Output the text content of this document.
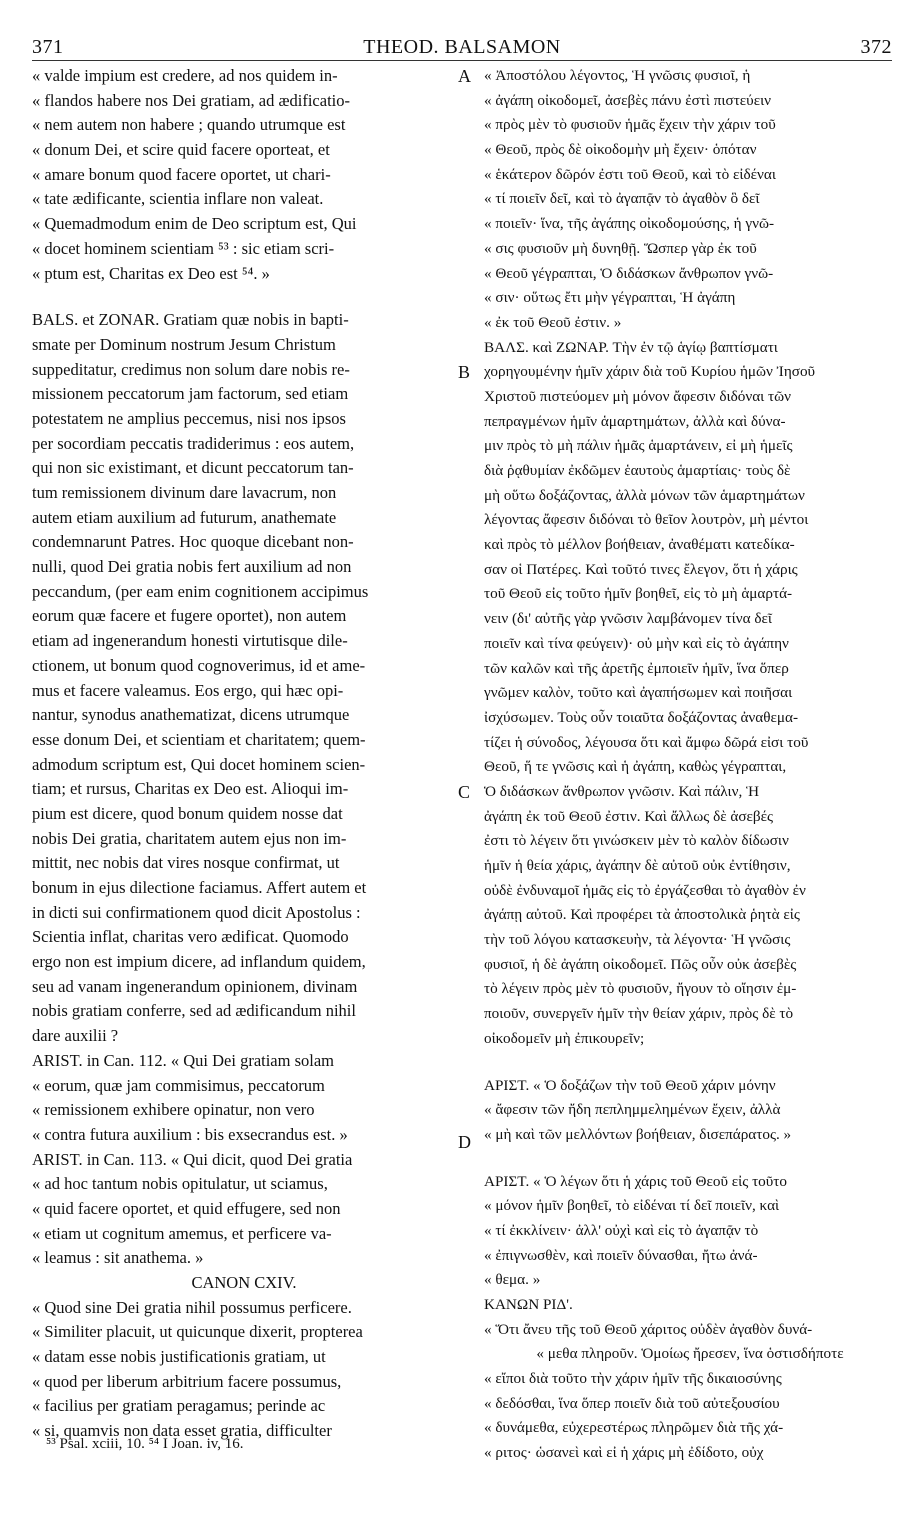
371	THEOD. BALSAMON	372
« valde impium est credere, ad nos quidem in-
« flandos habere nos Dei gratiam, ad ædificatio-
« nem autem non habere ; quando utrumque est
« donum Dei, et scire quid facere oporteat, et
« amare bonum quod facere oportet, ut chari-
« tate ædificante, scientia inflare non valeat.
« Quemadmodum enim de Deo scriptum est, Qui
« docet hominem scientiam ⁵³ : sic etiam scri-
« ptum est, Charitas ex Deo est ⁵⁴. »
BALS. et ZONAR. Gratiam quæ nobis in bapti-
smate per Dominum nostrum Jesum Christum
suppeditatur, credimus non solum dare nobis re-
missionem peccatorum jam factorum, sed etiam
potestatem ne amplius peccemus, nisi nos ipsos
per socordiam peccatis tradiderimus : eos autem,
qui non sic existimant, et dicunt peccatorum tan-
tum remissionem divinum dare lavacrum, non
autem etiam auxilium ad futurum, anathemate
condemnarunt Patres. Hoc quoque dicebant non-
nulli, quod Dei gratia nobis fert auxilium ad non
peccandum, (per eam enim cognitionem accipimus
eorum quæ facere et fugere oportet), non autem
etiam ad ingenerandum honesti virtutisque dile-
ctionem, ut bonum quod cognoverimus, id et ame-
mus et facere valeamus. Eos ergo, qui hæc opi-
nantur, synodus anathematizat, dicens utrumque
esse donum Dei, et scientiam et charitatem; quem-
admodum scriptum est, Qui docet hominem scien-
tiam; et rursus, Charitas ex Deo est. Alioqui im-
pium est dicere, quod bonum quidem nosse dat
nobis Dei gratia, charitatem autem ejus non im-
mittit, nec nobis dat vires nosque confirmat, ut
bonum in ejus dilectione faciamus. Affert autem et
in dicti sui confirmationem quod dicit Apostolus :
Scientia inflat, charitas vero ædificat. Quomodo
ergo non est impium dicere, ad inflandum quidem,
seu ad vanam ingenerandum opinionem, divinam
nobis gratiam conferre, sed ad ædificandum nihil
dare auxilii ?
ARIST. in Can. 112. « Qui Dei gratiam solam
« eorum, quæ jam commisimus, peccatorum
« remissionem exhibere opinatur, non vero
« contra futura auxilium : bis exsecrandus est. »
ARIST. in Can. 113. « Qui dicit, quod Dei gratia
« ad hoc tantum nobis opitulatur, ut sciamus,
« quid facere oportet, et quid effugere, sed non
« etiam ut cognitum amemus, et perficere va-
« leamus : sit anathema. »
CANON CXIV.
« Quod sine Dei gratia nihil possumus perficere.
« Similiter placuit, ut quicunque dixerit, propterea
« datam esse nobis justificationis gratiam, ut
« quod per liberum arbitrium facere possumus,
« facilius per gratiam peragamus; perinde ac
« si, quamvis non data esset gratia, difficulter
« Ἀποστόλου λέγοντος, Ἡ γνῶσις φυσιοῖ, ἡ
« ἀγάπη οἰκοδομεῖ, ἀσεβὲς πάνυ ἐστὶ πιστεύειν
« πρὸς μὲν τὸ φυσιοῦν ἡμᾶς ἔχειν τὴν χάριν τοῦ
« Θεοῦ, πρὸς δὲ οἰκοδομὴν μὴ ἔχειν· ὁπόταν
« ἑκάτερον δῶρόν ἐστι τοῦ Θεοῦ, καὶ τὸ εἰδέναι
« τί ποιεῖν δεῖ, καὶ τὸ ἀγαπᾷν τὸ ἀγαθὸν ὃ δεῖ
« ποιεῖν· ἵνα, τῆς ἀγάπης οἰκοδομούσης, ἡ γνῶ-
« σις φυσιοῦν μὴ δυνηθῇ. Ὥσπερ γὰρ ἐκ τοῦ
« Θεοῦ γέγραπται, Ὁ διδάσκων ἄνθρωπον γνῶ-
« σιν· οὕτως ἔτι μὴν γέγραπται, Ἡ ἀγάπη
« ἐκ τοῦ Θεοῦ ἐστιν. »
ΒΑΛΣ. καὶ ΖΩΝΑΡ. Τὴν ἐν τῷ ἁγίῳ βαπτίσματι
χορηγουμένην ἡμῖν χάριν διὰ τοῦ Κυρίου ἡμῶν Ἰησοῦ
Χριστοῦ πιστεύομεν μὴ μόνον ἄφεσιν διδόναι τῶν
πεπραγμένων ἡμῖν ἁμαρτημάτων, ἀλλὰ καὶ δύνα-
μιν πρὸς τὸ μὴ πάλιν ἡμᾶς ἁμαρτάνειν, εἰ μὴ ἡμεῖς
διὰ ῥᾳθυμίαν ἐκδῶμεν ἑαυτοὺς ἁμαρτίαις· τοὺς δὲ
μὴ οὕτω δοξάζοντας, ἀλλὰ μόνων τῶν ἁμαρτημάτων
λέγοντας ἄφεσιν διδόναι τὸ θεῖον λουτρὸν, μὴ μέντοι
καὶ πρὸς τὸ μέλλον βοήθειαν, ἀναθέματι κατεδίκα-
σαν οἱ Πατέρες. Καὶ τοῦτό τινες ἔλεγον, ὅτι ἡ χάρις
τοῦ Θεοῦ εἰς τοῦτο ἡμῖν βοηθεῖ, εἰς τὸ μὴ ἁμαρτά-
νειν (δι' αὐτῆς γὰρ γνῶσιν λαμβάνομεν τίνα δεῖ
ποιεῖν καὶ τίνα φεύγειν)· οὐ μὴν καὶ εἰς τὸ ἀγάπην
τῶν καλῶν καὶ τῆς ἀρετῆς ἐμποιεῖν ἡμῖν, ἵνα ὅπερ
γνῶμεν καλὸν, τοῦτο καὶ ἀγαπήσωμεν καὶ ποιῆσαι
ἰσχύσωμεν. Τοὺς οὖν τοιαῦτα δοξάζοντας ἀναθεμα-
τίζει ἡ σύνοδος, λέγουσα ὅτι καὶ ἄμφω δῶρά εἰσι τοῦ
Θεοῦ, ἥ τε γνῶσις καὶ ἡ ἀγάπη, καθὼς γέγραπται,
Ὁ διδάσκων ἄνθρωπον γνῶσιν. Καὶ πάλιν, Ἡ
ἀγάπη ἐκ τοῦ Θεοῦ ἐστιν. Καὶ ἄλλως δὲ ἀσεβές
ἐστι τὸ λέγειν ὅτι γινώσκειν μὲν τὸ καλὸν δίδωσιν
ἡμῖν ἡ θεία χάρις, ἀγάπην δὲ αὐτοῦ οὐκ ἐντίθησιν,
οὐδὲ ἐνδυναμοῖ ἡμᾶς εἰς τὸ ἐργάζεσθαι τὸ ἀγαθὸν ἐν
ἀγάπῃ αὐτοῦ. Καὶ προφέρει τὰ ἀποστολικὰ ῥητὰ εἰς
τὴν τοῦ λόγου κατασκευὴν, τὰ λέγοντα· Ἡ γνῶσις
φυσιοῖ, ἡ δὲ ἀγάπη οἰκοδομεῖ. Πῶς οὖν οὐκ ἀσεβὲς
τὸ λέγειν πρὸς μὲν τὸ φυσιοῦν, ἤγουν τὸ οἴησιν ἐμ-
ποιοῦν, συνεργεῖν ἡμῖν τὴν θείαν χάριν, πρὸς δὲ τὸ
οἰκοδομεῖν μὴ ἐπικουρεῖν;
ΑΡΙΣΤ. « Ὁ δοξάζων τὴν τοῦ Θεοῦ χάριν μόνην
« ἄφεσιν τῶν ἤδη πεπλημμελημένων ἔχειν, ἀλλὰ
« μὴ καὶ τῶν μελλόντων βοήθειαν, δισεπάρατος. »
ΑΡΙΣΤ. « Ὁ λέγων ὅτι ἡ χάρις τοῦ Θεοῦ εἰς τοῦτο
« μόνον ἡμῖν βοηθεῖ, τὸ εἰδέναι τί δεῖ ποιεῖν, καὶ
« τί ἐκκλίνειν· ἀλλ' οὐχὶ καὶ εἰς τὸ ἀγαπᾷν τὸ
« ἐπιγνωσθὲν, καὶ ποιεῖν δύνασθαι, ἤτω ἀνά-
« θεμα. »
ΚΑΝΩΝ ΡΙΔ'.
« Ὅτι ἄνευ τῆς τοῦ Θεοῦ χάριτος οὐδὲν ἀγαθὸν δυνά-
« μεθα πληροῦν. Ὁμοίως ἤρεσεν, ἵνα ὁστισδήποτε
« εἴποι διὰ τοῦτο τὴν χάριν ἡμῖν τῆς δικαιοσύνης
« δεδόσθαι, ἵνα ὅπερ ποιεῖν διὰ τοῦ αὐτεξουσίου
« δυνάμεθα, εὐχερεστέρως πληρῶμεν διὰ τῆς χά-
« ριτος· ὡσανεὶ καὶ εἰ ἡ χάρις μὴ ἐδίδοτο, οὐχ
A
B
C
D
⁵³ Psal. xciii, 10. ⁵⁴ I Joan. iv, 16.
